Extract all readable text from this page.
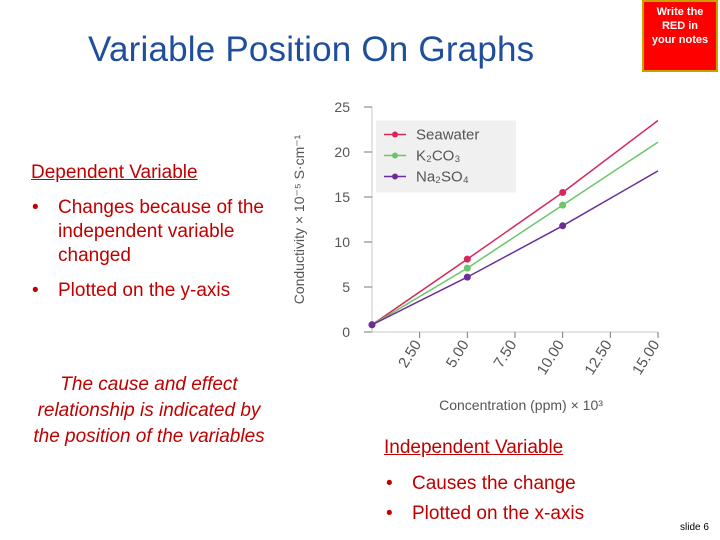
Variable Position On Graphs
Write the
RED in
your notes
Dependent Variable
• Changes because of the independent variable changed
• Plotted on the y-axis
The cause and effect relationship is indicated by the position of the variables
0
5
10
15
20
25
2.50 5.00 7.50 10.00 12.50 15.00
Conductivity × 10⁻⁵ S·cm⁻¹
Concentration (ppm) × 10³
Seawater
K₂CO₃
Na₂SO₄
Independent Variable
• Causes the change
• Plotted on the x-axis
slide 6
